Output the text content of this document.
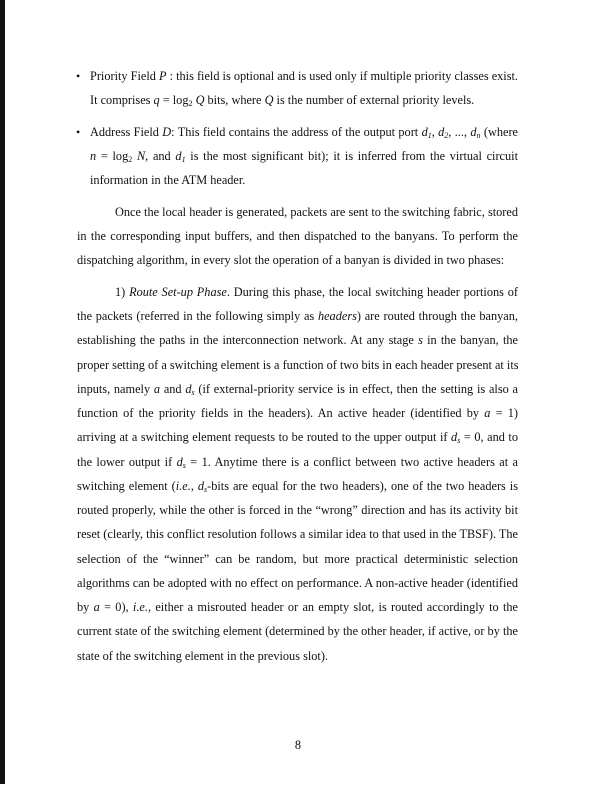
• Priority Field P : this field is optional and is used only if multiple priority classes exist.
It comprises $q = \log_2 Q$ bits, where Q is the number of external priority levels.
• Address Field D: This field contains the address of the output port $d_1$, $d_2$, ..., $d_n$ (where
$n = \log_2 N$, and $d_1$ is the most significant bit); it is inferred from the virtual circuit
information in the ATM header.
Once the local header is generated, packets are sent to the switching fabric, stored
in the corresponding input buffers, and then dispatched to the banyans. To perform the
dispatching algorithm, in every slot the operation of a banyan is divided in two phases:
1) Route Set-up Phase. During this phase, the local switching header portions of
the packets (referred in the following simply as headers) are routed through the banyan,
establishing the paths in the interconnection network. At any stage s in the banyan, the
proper setting of a switching element is a function of two bits in each header present at its
inputs, namely a and $d_s$ (if external-priority service is in effect, then the setting is also a
function of the priority fields in the headers). An active header (identified by a = 1)
arriving at a switching element requests to be routed to the upper output if $d_s = 0$, and to
the lower output if $d_s = 1$. Anytime there is a conflict between two active headers at a
switching element (i.e., $d_s$-bits are equal for the two headers), one of the two headers is
routed properly, while the other is forced in the “wrong” direction and has its activity bit
reset (clearly, this conflict resolution follows a similar idea to that used in the TBSF). The
selection of the “winner” can be random, but more practical deterministic selection
algorithms can be adopted with no effect on performance. A non-active header (identified
by a = 0), i.e., either a misrouted header or an empty slot, is routed accordingly to the
current state of the switching element (determined by the other header, if active, or by the
state of the switching element in the previous slot).
8
